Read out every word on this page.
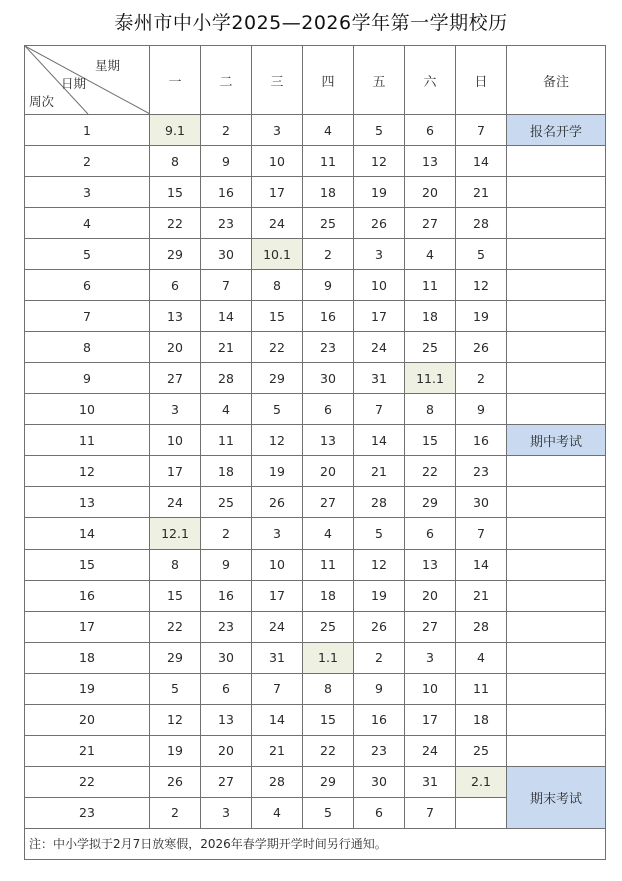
泰州市中小学2025—2026学年第一学期校历
星期
日期
周次	一	二	三	四	五	六	日	备注
1	9.1	2	3	4	5	6	7	报名开学
2	8	9	10	11	12	13	14	
3	15	16	17	18	19	20	21	
4	22	23	24	25	26	27	28	
5	29	30	10.1	2	3	4	5	
6	6	7	8	9	10	11	12	
7	13	14	15	16	17	18	19	
8	20	21	22	23	24	25	26	
9	27	28	29	30	31	11.1	2	
10	3	4	5	6	7	8	9	
11	10	11	12	13	14	15	16	期中考试
12	17	18	19	20	21	22	23	
13	24	25	26	27	28	29	30	
14	12.1	2	3	4	5	6	7	
15	8	9	10	11	12	13	14	
16	15	16	17	18	19	20	21	
17	22	23	24	25	26	27	28	
18	29	30	31	1.1	2	3	4	
19	5	6	7	8	9	10	11	
20	12	13	14	15	16	17	18	
21	19	20	21	22	23	24	25	
22	26	27	28	29	30	31	2.1	期末考试
23	2	3	4	5	6	7		
注：中小学拟于2月7日放寒假，2026年春学期开学时间另行通知。								
